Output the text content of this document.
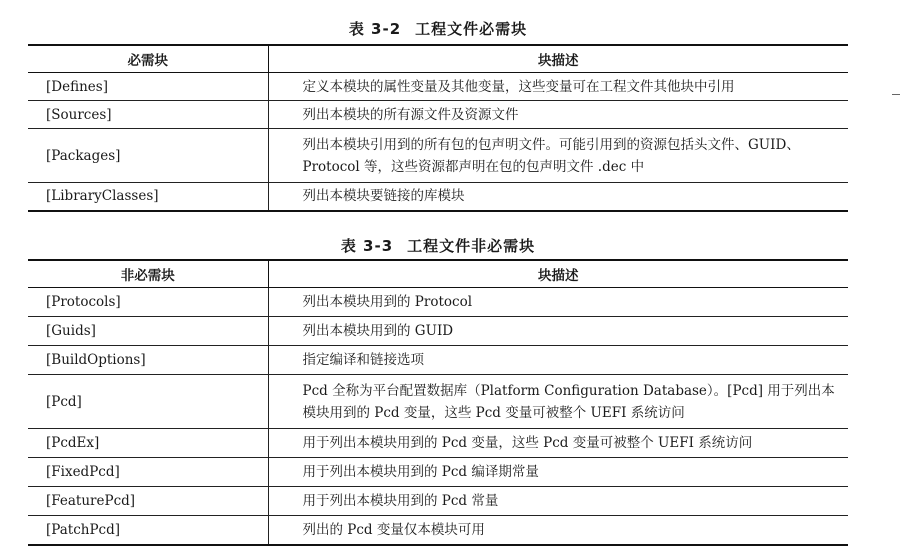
表 3-2 工程文件必需块
必需块	块描述
[Defines]	定义本模块的属性变量及其他变量，这些变量可在工程文件其他块中引用
[Sources]	列出本模块的所有源文件及资源文件
[Packages]	列出本模块引用到的所有包的包声明文件。可能引用到的资源包括头文件、GUID、Protocol 等，这些资源都声明在包的包声明文件 .dec 中
[LibraryClasses]	列出本模块要链接的库模块
表 3-3 工程文件非必需块
非必需块	块描述
[Protocols]	列出本模块用到的 Protocol
[Guids]	列出本模块用到的 GUID
[BuildOptions]	指定编译和链接选项
[Pcd]	Pcd 全称为平台配置数据库（Platform Configuration Database）。[Pcd] 用于列出本模块用到的 Pcd 变量，这些 Pcd 变量可被整个 UEFI 系统访问
[PcdEx]	用于列出本模块用到的 Pcd 变量，这些 Pcd 变量可被整个 UEFI 系统访问
[FixedPcd]	用于列出本模块用到的 Pcd 编译期常量
[FeaturePcd]	用于列出本模块用到的 Pcd 常量
[PatchPcd]	列出的 Pcd 变量仅本模块可用
